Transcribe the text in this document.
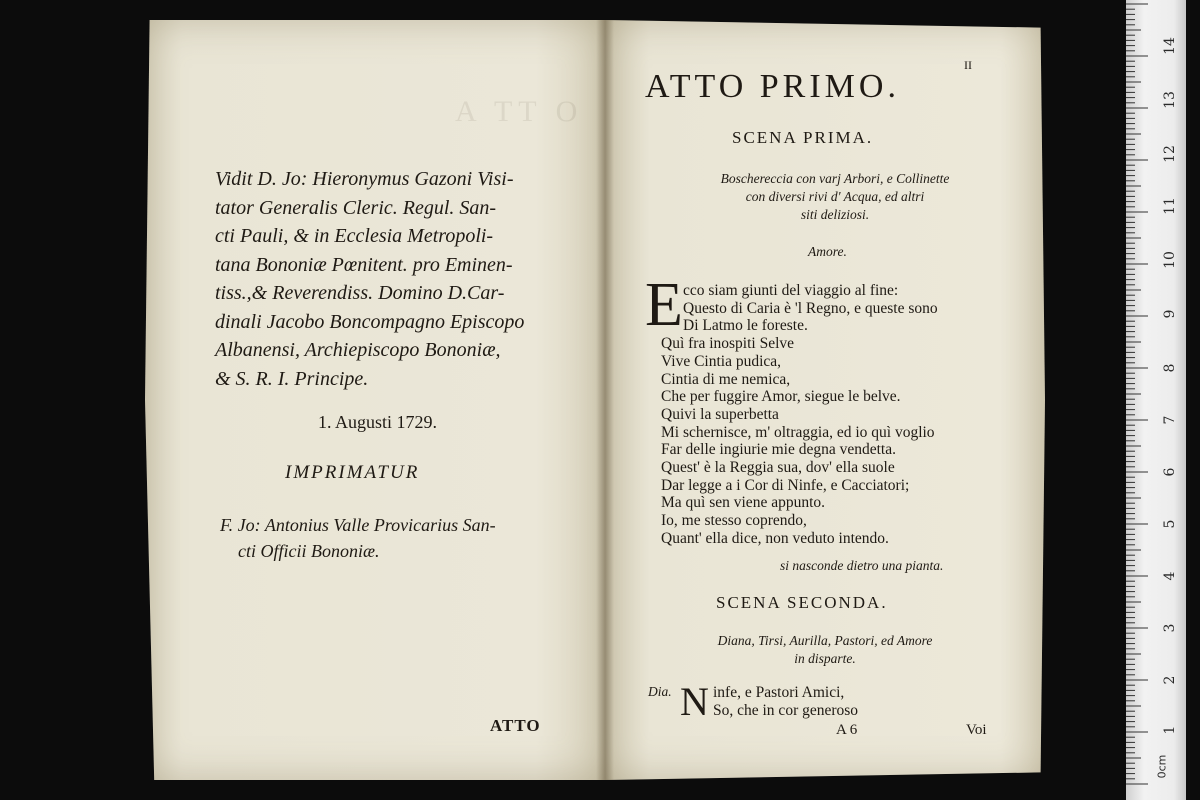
Α ΤΤ Ο
Vidit D. Jo: Hieronymus Gazoni Visi-
tator Generalis Cleric. Regul. San-
cti Pauli, & in Ecclesia Metropoli-
tana Bononiæ Pœnitent. pro Eminen-
tiss.,& Reverendiss. Domino D.Car-
dinali Jacobo Boncompagno Episcopo
Albanensi, Archiepiscopo Bononiæ,
& S. R. I. Principe.
1. Augusti 1729.
IMPRIMATUR
F. Jo: Antonius Valle Provicarius San-
cti Officii Bononiæ.
ATTO
II
ATTO PRIMO.
SCENA PRIMA.
Boschereccia con varj Arbori, e Collinette
con diversi rivi d' Acqua, ed altri
siti deliziosi.
Amore.
E cco siam giunti del viaggio al fine:
Questo di Caria è 'l Regno, e queste sono
Di Latmo le foreste.
Quì fra inospiti Selve
Vive Cintia pudica,
Cintia di me nemica,
Che per fuggire Amor, siegue le belve.
Quivi la superbetta
Mi schernisce, m' oltraggia, ed io quì voglio
Far delle ingiurie mie degna vendetta.
Quest' è la Reggia sua, dov' ella suole
Dar legge a i Cor di Ninfe, e Cacciatori;
Ma quì sen viene appunto.
Io, me stesso coprendo,
Quant' ella dice, non veduto intendo.
si nasconde dietro una pianta.
SCENA SECONDA.
Diana, Tirsi, Aurilla, Pastori, ed Amore
in disparte.
Dia. N infe, e Pastori Amici,
So, che in cor generoso
A 6	Voi	1
2
3
4
5
6
7
8
9
10
11
12
13
14
0cm
